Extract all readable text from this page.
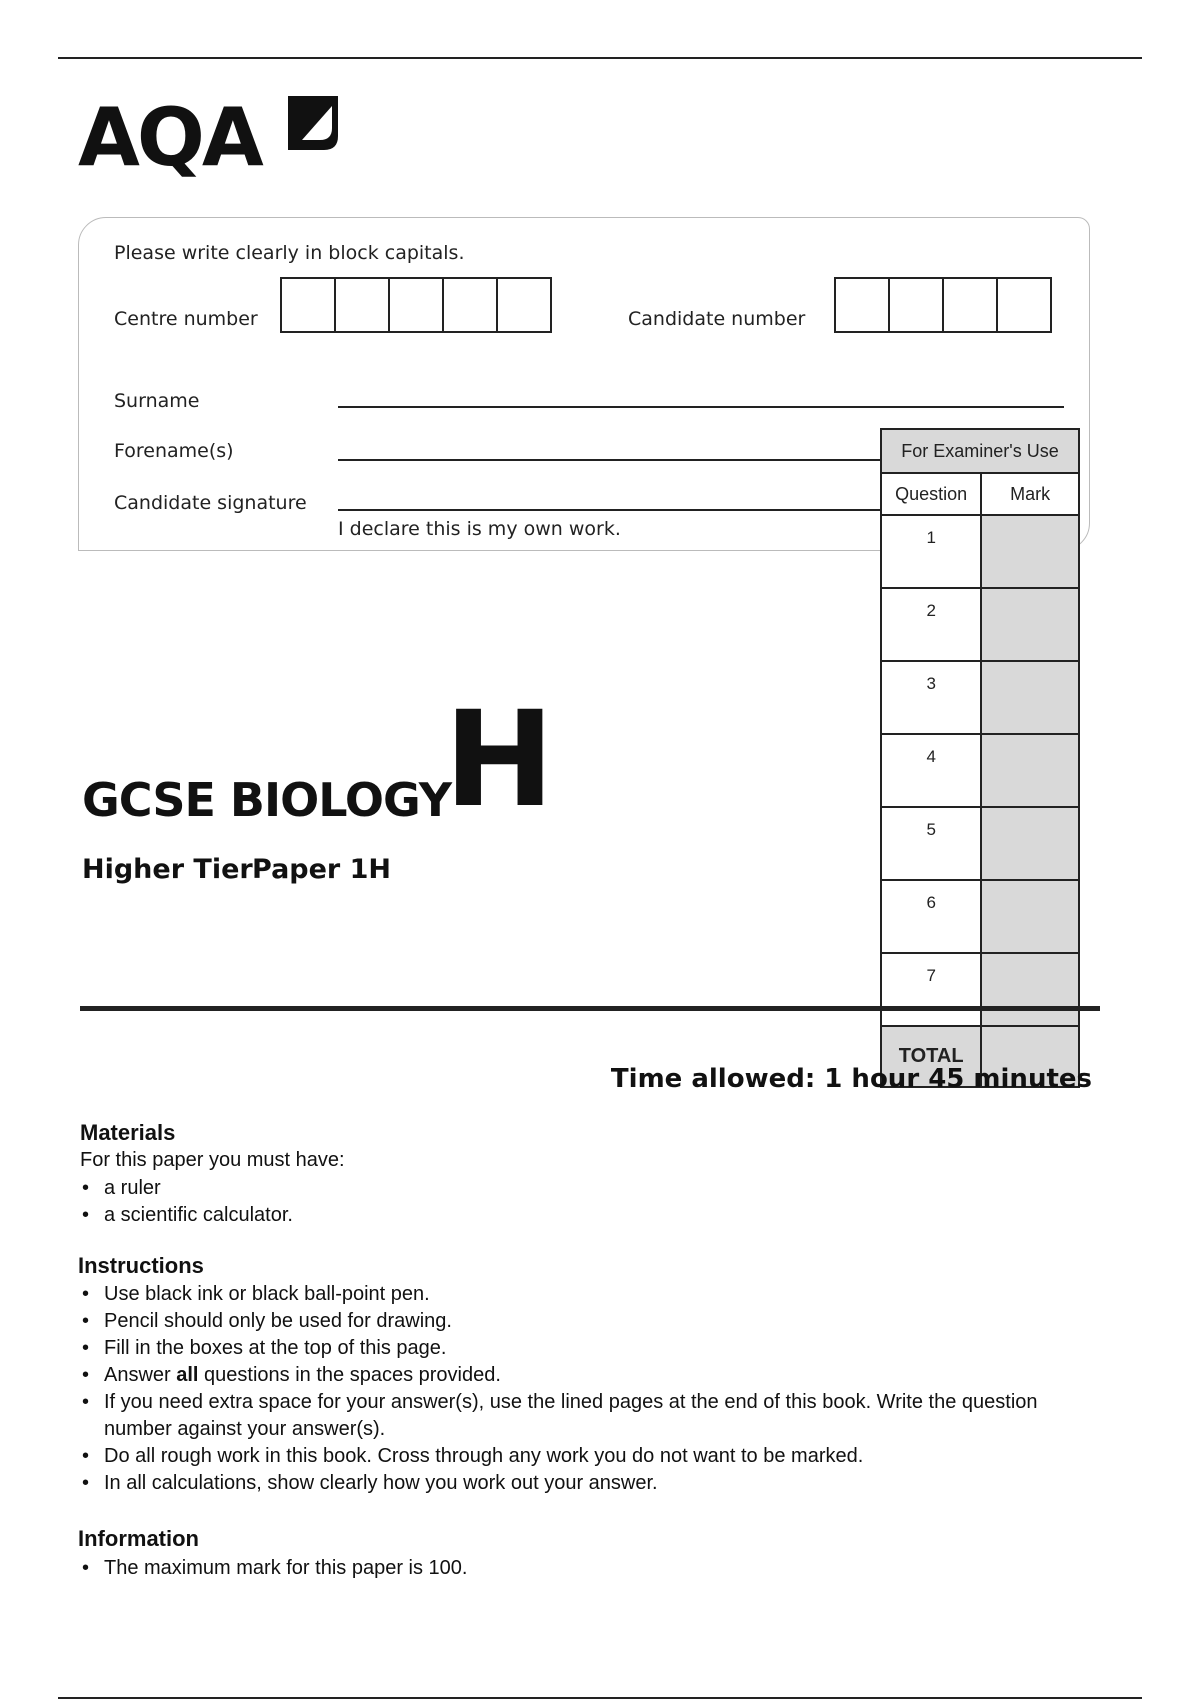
AQA
Please write clearly in block capitals.
Centre number	Candidate number
Surname
Forename(s)
Candidate signature
I declare this is my own work.
For Examiner's Use	
Question	Mark
1	
2	
3	
4	
5	
6	
7	
TOTAL	
GCSE BIOLOGY
H
Higher Tier Paper 1H
Time allowed: 1 hour 45 minutes
Materials
For this paper you must have:
• a ruler
• a scientific calculator.
Instructions
• Use black ink or black ball-point pen.
• Pencil should only be used for drawing.
• Fill in the boxes at the top of this page.
• Answer all questions in the spaces provided.
• If you need extra space for your answer(s), use the lined pages at the end of this book. Write the question number against your answer(s).
• Do all rough work in this book. Cross through any work you do not want to be marked.
• In all calculations, show clearly how you work out your answer.
Information
• The maximum mark for this paper is 100.
